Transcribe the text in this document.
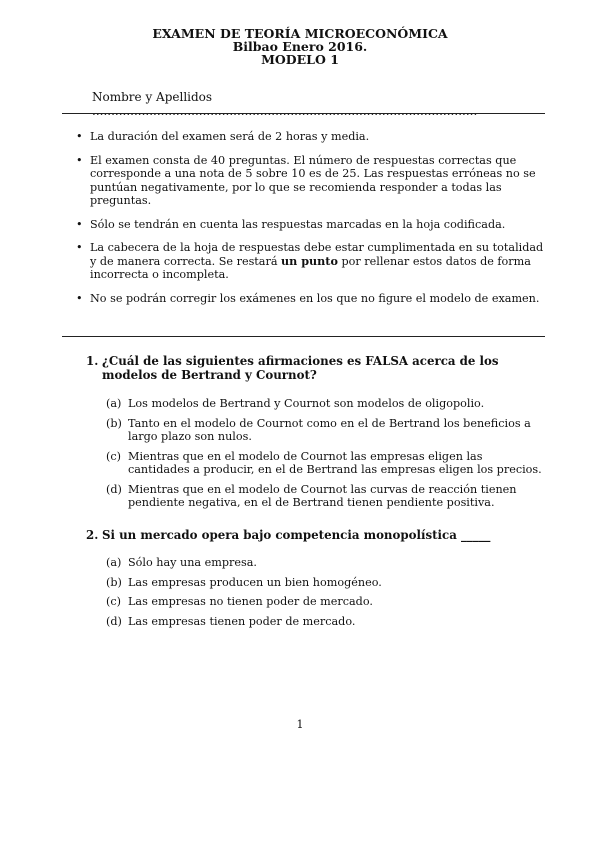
EXAMEN DE TEORÍA MICROECONÓMICA
Bilbao Enero 2016.
MODELO 1
Nombre y Apellidos .....................................................................................................
• La duración del examen será de 2 horas y media.
• El examen consta de 40 preguntas. El número de respuestas correctas que corresponde a una nota de 5 sobre 10 es de 25. Las respuestas erróneas no se puntúan negativamente, por lo que se recomienda responder a todas las preguntas.
• Sólo se tendrán en cuenta las respuestas marcadas en la hoja codificada.
• La cabecera de la hoja de respuestas debe estar cumplimentada en su totalidad y de manera correcta. Se restará un punto por rellenar estos datos de forma incorrecta o incompleta.
• No se podrán corregir los exámenes en los que no figure el modelo de examen.
1. ¿Cuál de las siguientes afirmaciones es FALSA acerca de los modelos de Bertrand y Cournot?
(a) Los modelos de Bertrand y Cournot son modelos de oligopolio.
(b) Tanto en el modelo de Cournot como en el de Bertrand los beneficios a largo plazo son nulos.
(c) Mientras que en el modelo de Cournot las empresas eligen las cantidades a producir, en el de Bertrand las empresas eligen los precios.
(d) Mientras que en el modelo de Cournot las curvas de reacción tienen pendiente negativa, en el de Bertrand tienen pendiente positiva.
2. Si un mercado opera bajo competencia monopolística _____
(a) Sólo hay una empresa.
(b) Las empresas producen un bien homogéneo.
(c) Las empresas no tienen poder de mercado.
(d) Las empresas tienen poder de mercado.
1
